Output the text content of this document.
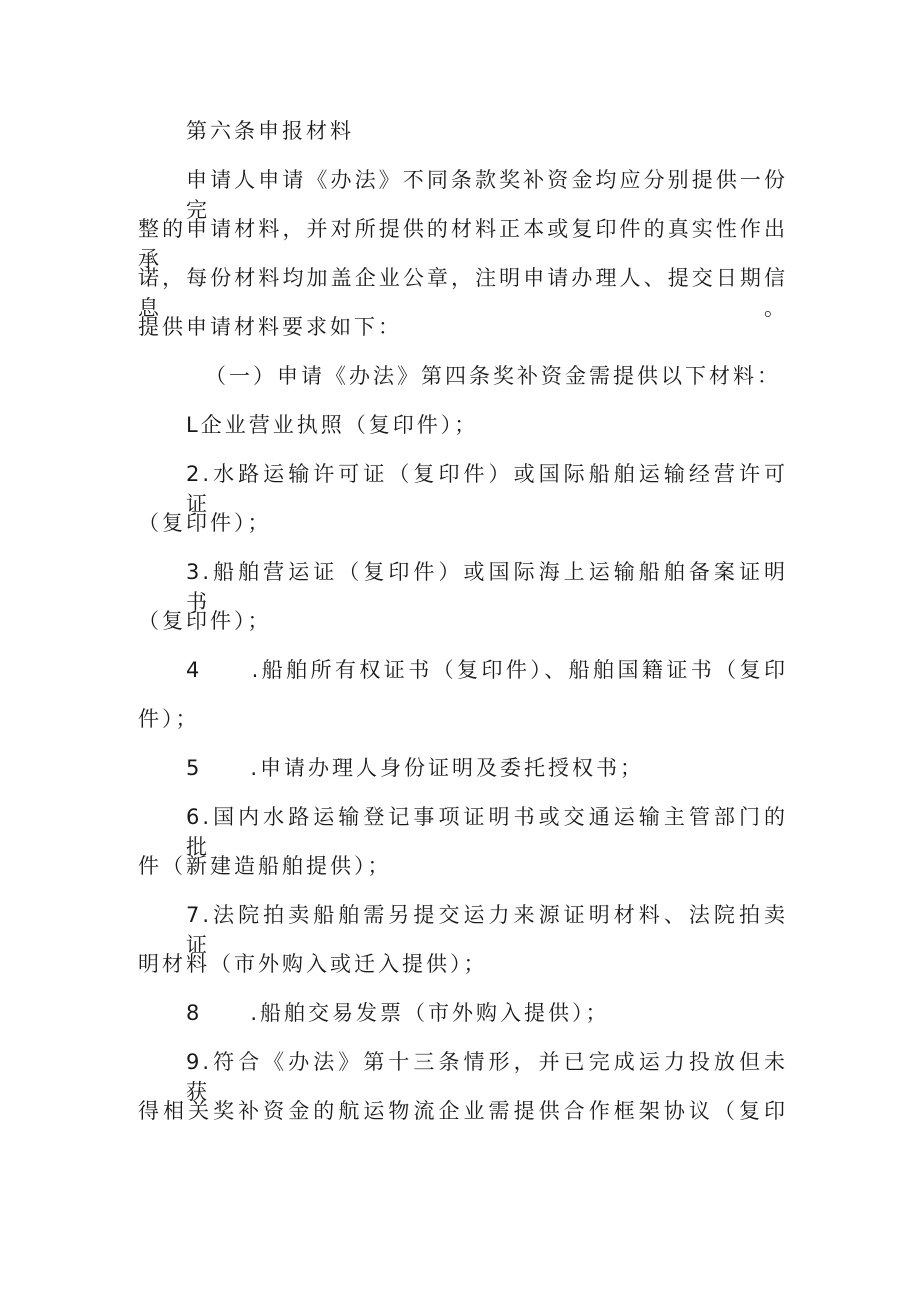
第六条申报材料
申请人申请《办法》不同条款奖补资金均应分别提供一份完
整的申请材料，并对所提供的材料正本或复印件的真实性作出承
诺，每份材料均加盖企业公章，注明申请办理人、提交日期信息。
提供申请材料要求如下：
（一）申请《办法》第四条奖补资金需提供以下材料：
L企业营业执照（复印件）；
2.水路运输许可证（复印件）或国际船舶运输经营许可证
（复印件）；
3.船舶营运证（复印件）或国际海上运输船舶备案证明书
（复印件）；
4　　.船舶所有权证书（复印件）、船舶国籍证书（复印
件）；
5　　.申请办理人身份证明及委托授权书；
6.国内水路运输登记事项证明书或交通运输主管部门的批
件（新建造船舶提供）；
7.法院拍卖船舶需另提交运力来源证明材料、法院拍卖证
明材料（市外购入或迁入提供）；
8　　.船舶交易发票（市外购入提供）；
9.符合《办法》第十三条情形，并已完成运力投放但未获
得相关奖补资金的航运物流企业需提供合作框架协议（复印
